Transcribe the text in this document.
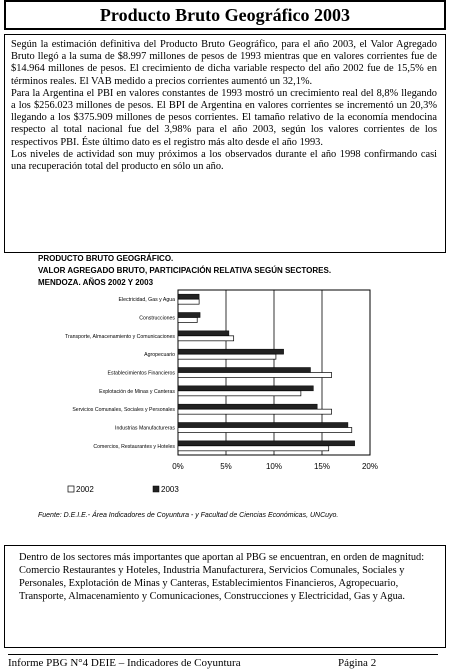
Producto Bruto Geográfico 2003

Según la estimación definitiva del Producto Bruto Geográfico, para el año 2003, el Valor Agregado Bruto llegó a la suma de $8.997 millones de pesos de 1993 mientras que en valores corrientes fue de $14.964 millones de pesos. El crecimiento de dicha variable respecto del año 2002 fue de 15,5% en términos reales. El VAB medido a precios corrientes aumentó un 32,1%.

Para la Argentina el PBI en valores constantes de 1993 mostró un crecimiento real del 8,8% llegando a los $256.023 millones de pesos. El BPI de Argentina en valores corrientes se incrementó un 20,3% llegando a los $375.909 millones de pesos corrientes. El tamaño relativo de la economía mendocina respecto al total nacional fue del 3,98% para el año 2003, según los valores corrientes de los respectivos PBI. Éste último dato es el registro más alto desde el año 1993.

Los niveles de actividad son muy próximos a los observados durante el año 1998 confirmando casi una recuperación total del producto en sólo un año.

PRODUCTO BRUTO GEOGRÁFICO.
VALOR AGREGADO BRUTO, PARTICIPACIÓN RELATIVA SEGÚN SECTORES.
MENDOZA. AÑOS 2002 Y 2003
0%	5%	10%	15%	20%
Electricidad, Gas y Agua
Construcciones
Transporte, Almacenamiento y Comunicaciones
Agropecuario
Establecimientos Financieros
Explotación de Minas y Canteras
Servicios Comunales, Sociales y Personales
Industrias Manufactureras
Comercios, Restaurantes y Hoteles
2002	2003
Fuente: D.E.I.E.- Área Indicadores de Coyuntura - y Facultad de Ciencias Económicas, UNCuyo.

Dentro de los sectores más importantes que aportan al PBG se encuentran, en orden de magnitud: Comercio Restaurantes y Hoteles, Industria Manufacturera, Servicios Comunales, Sociales y Personales, Explotación de Minas y Canteras, Establecimientos Financieros, Agropecuario, Transporte, Almacenamiento y Comunicaciones, Construcciones y Electricidad, Gas y Agua.

Informe PBG N°4 DEIE – Indicadores de Coyuntura	Página 2
